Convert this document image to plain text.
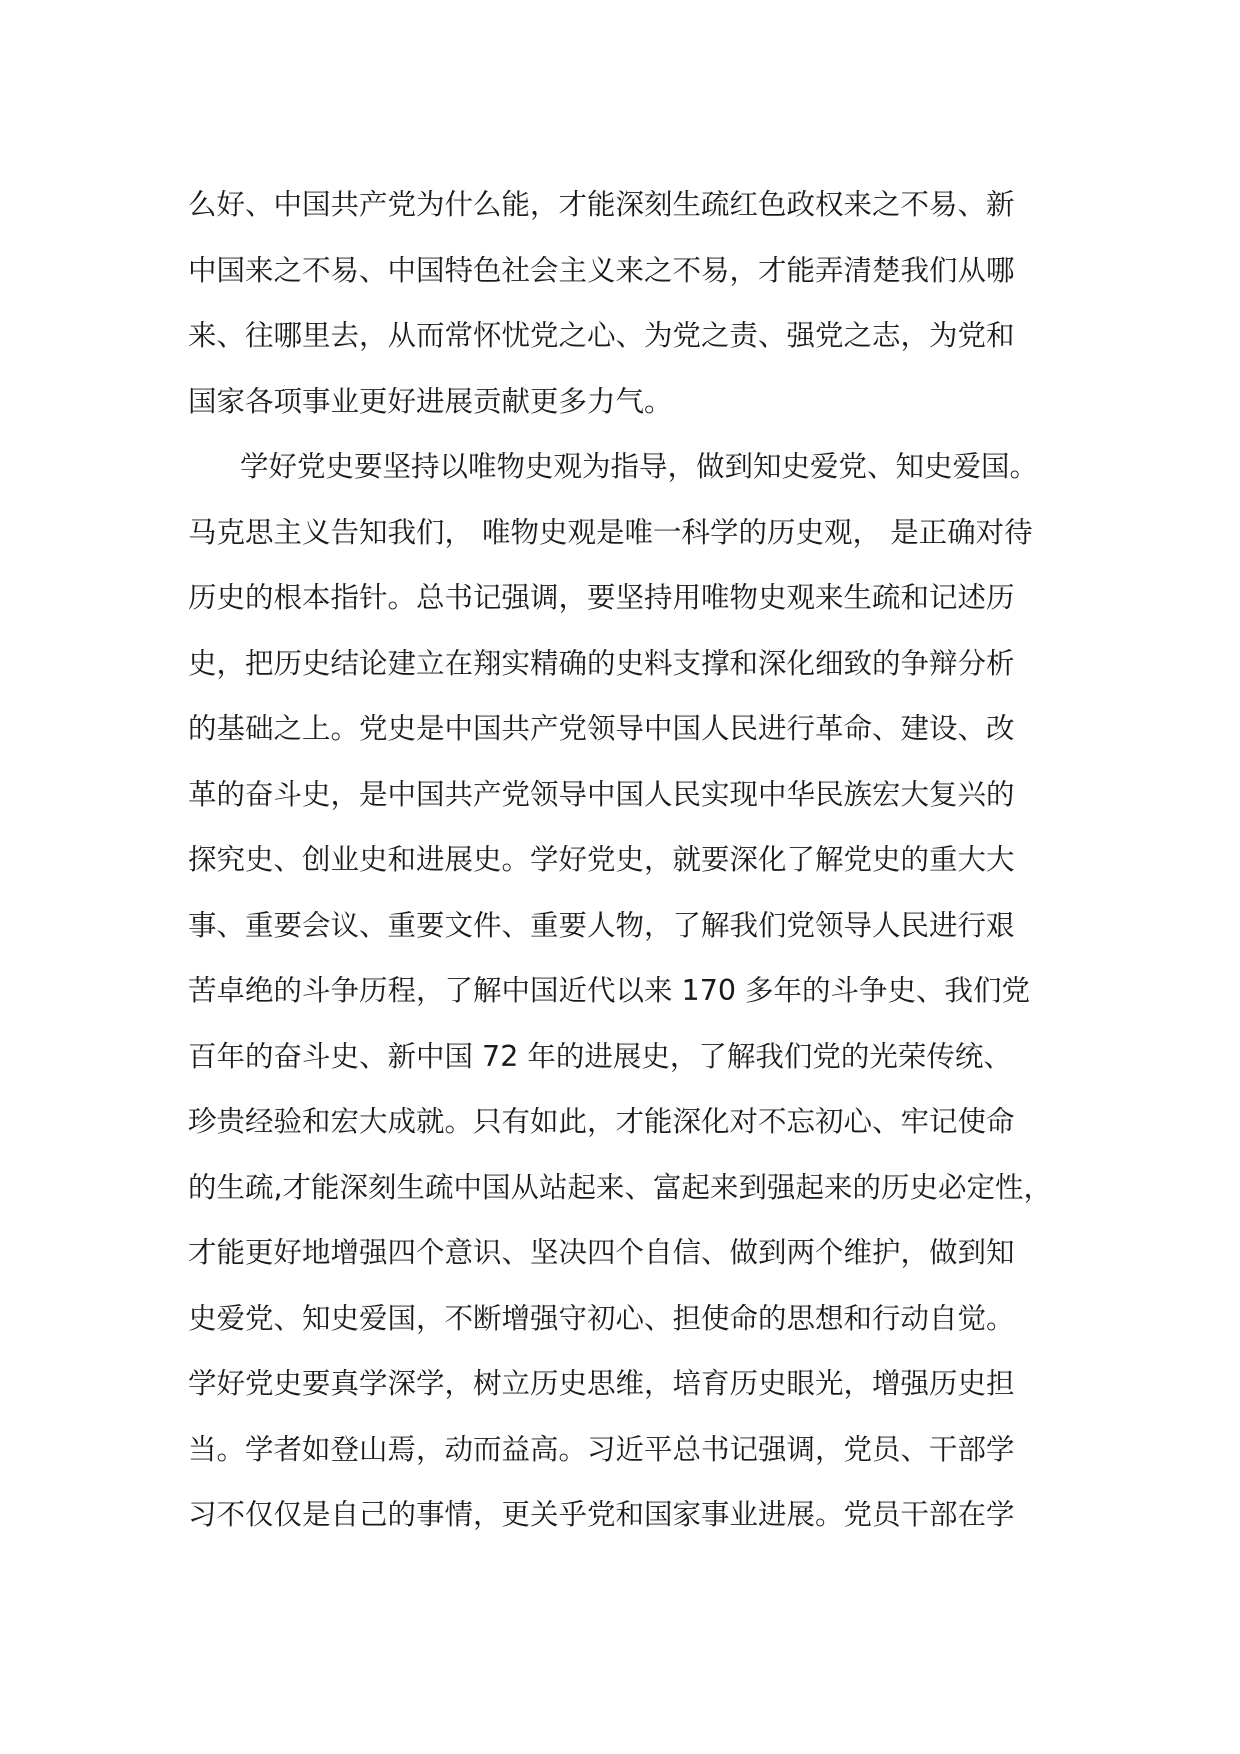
么好、中国共产党为什么能，才能深刻生疏红色政权来之不易、新

中国来之不易、中国特色社会主义来之不易，才能弄清楚我们从哪

来、往哪里去，从而常怀忧党之心、为党之责、强党之志，为党和

国家各项事业更好进展贡献更多力气。

学好党史要坚持以唯物史观为指导，做到知史爱党、知史爱国。

马克思主义告知我们， 唯物史观是唯一科学的历史观， 是正确对待

历史的根本指针。总书记强调，要坚持用唯物史观来生疏和记述历

史，把历史结论建立在翔实精确的史料支撑和深化细致的争辩分析

的基础之上。党史是中国共产党领导中国人民进行革命、建设、改

革的奋斗史，是中国共产党领导中国人民实现中华民族宏大复兴的

探究史、创业史和进展史。学好党史，就要深化了解党史的重大大

事、重要会议、重要文件、重要人物，了解我们党领导人民进行艰

苦卓绝的斗争历程，了解中国近代以来 170 多年的斗争史、我们党

百年的奋斗史、新中国 72 年的进展史，了解我们党的光荣传统、

珍贵经验和宏大成就。只有如此，才能深化对不忘初心、牢记使命

的生疏,才能深刻生疏中国从站起来、富起来到强起来的历史必定性，

才能更好地增强四个意识、坚决四个自信、做到两个维护，做到知

史爱党、知史爱国，不断增强守初心、担使命的思想和行动自觉。

学好党史要真学深学，树立历史思维，培育历史眼光，增强历史担

当。学者如登山焉，动而益高。习近平总书记强调，党员、干部学

习不仅仅是自己的事情，更关乎党和国家事业进展。党员干部在学
